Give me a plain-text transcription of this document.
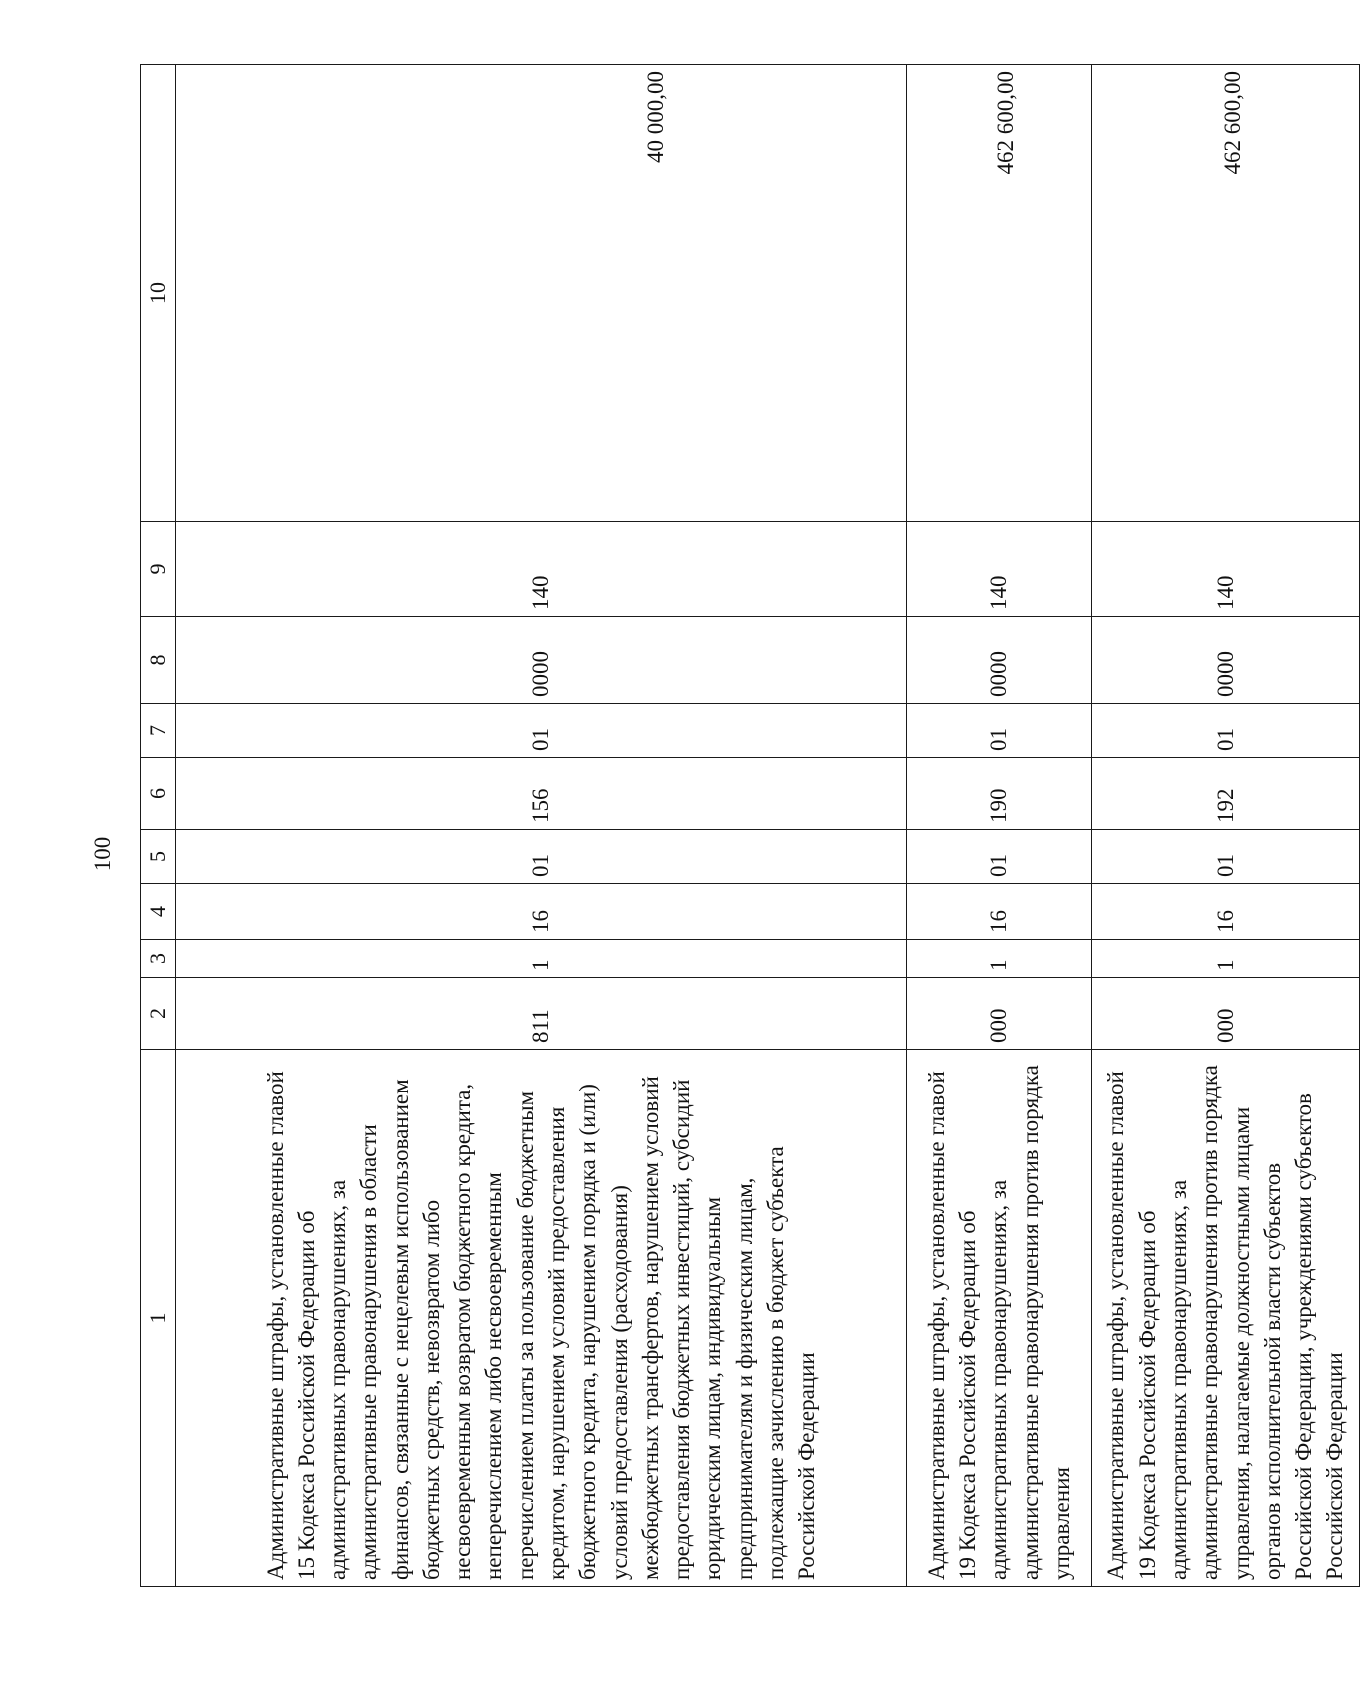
100
1	2	3	4	5	6	7	8	9	10
Административные штрафы, установленные главой 15 Кодекса Российской Федерации об административных правонарушениях, за административные правонарушения в области финансов, связанные с нецелевым использованием бюджетных средств, невозвратом либо несвоевременным возвратом бюджетного кредита, неперечислением либо несвоевременным перечислением платы за пользование бюджетным кредитом, нарушением условий предоставления бюджетного кредита, нарушением порядка и (или) условий предоставления (расходования) межбюджетных трансфертов, нарушением условий предоставления бюджетных инвестиций, субсидий юридическим лицам, индивидуальным предпринимателям и физическим лицам, подлежащие зачислению в бюджет субъекта Российской Федерации	811	1	16	01	156	01	0000	140	40 000,00
Административные штрафы, установленные главой 19 Кодекса Российской Федерации об административных правонарушениях, за административные правонарушения против порядка управления	000	1	16	01	190	01	0000	140	462 600,00
Административные штрафы, установленные главой 19 Кодекса Российской Федерации об административных правонарушениях, за административные правонарушения против порядка управления, налагаемые должностными лицами органов исполнительной власти субъектов Российской Федерации, учреждениями субъектов Российской Федерации	000	1	16	01	192	01	0000	140	462 600,00
